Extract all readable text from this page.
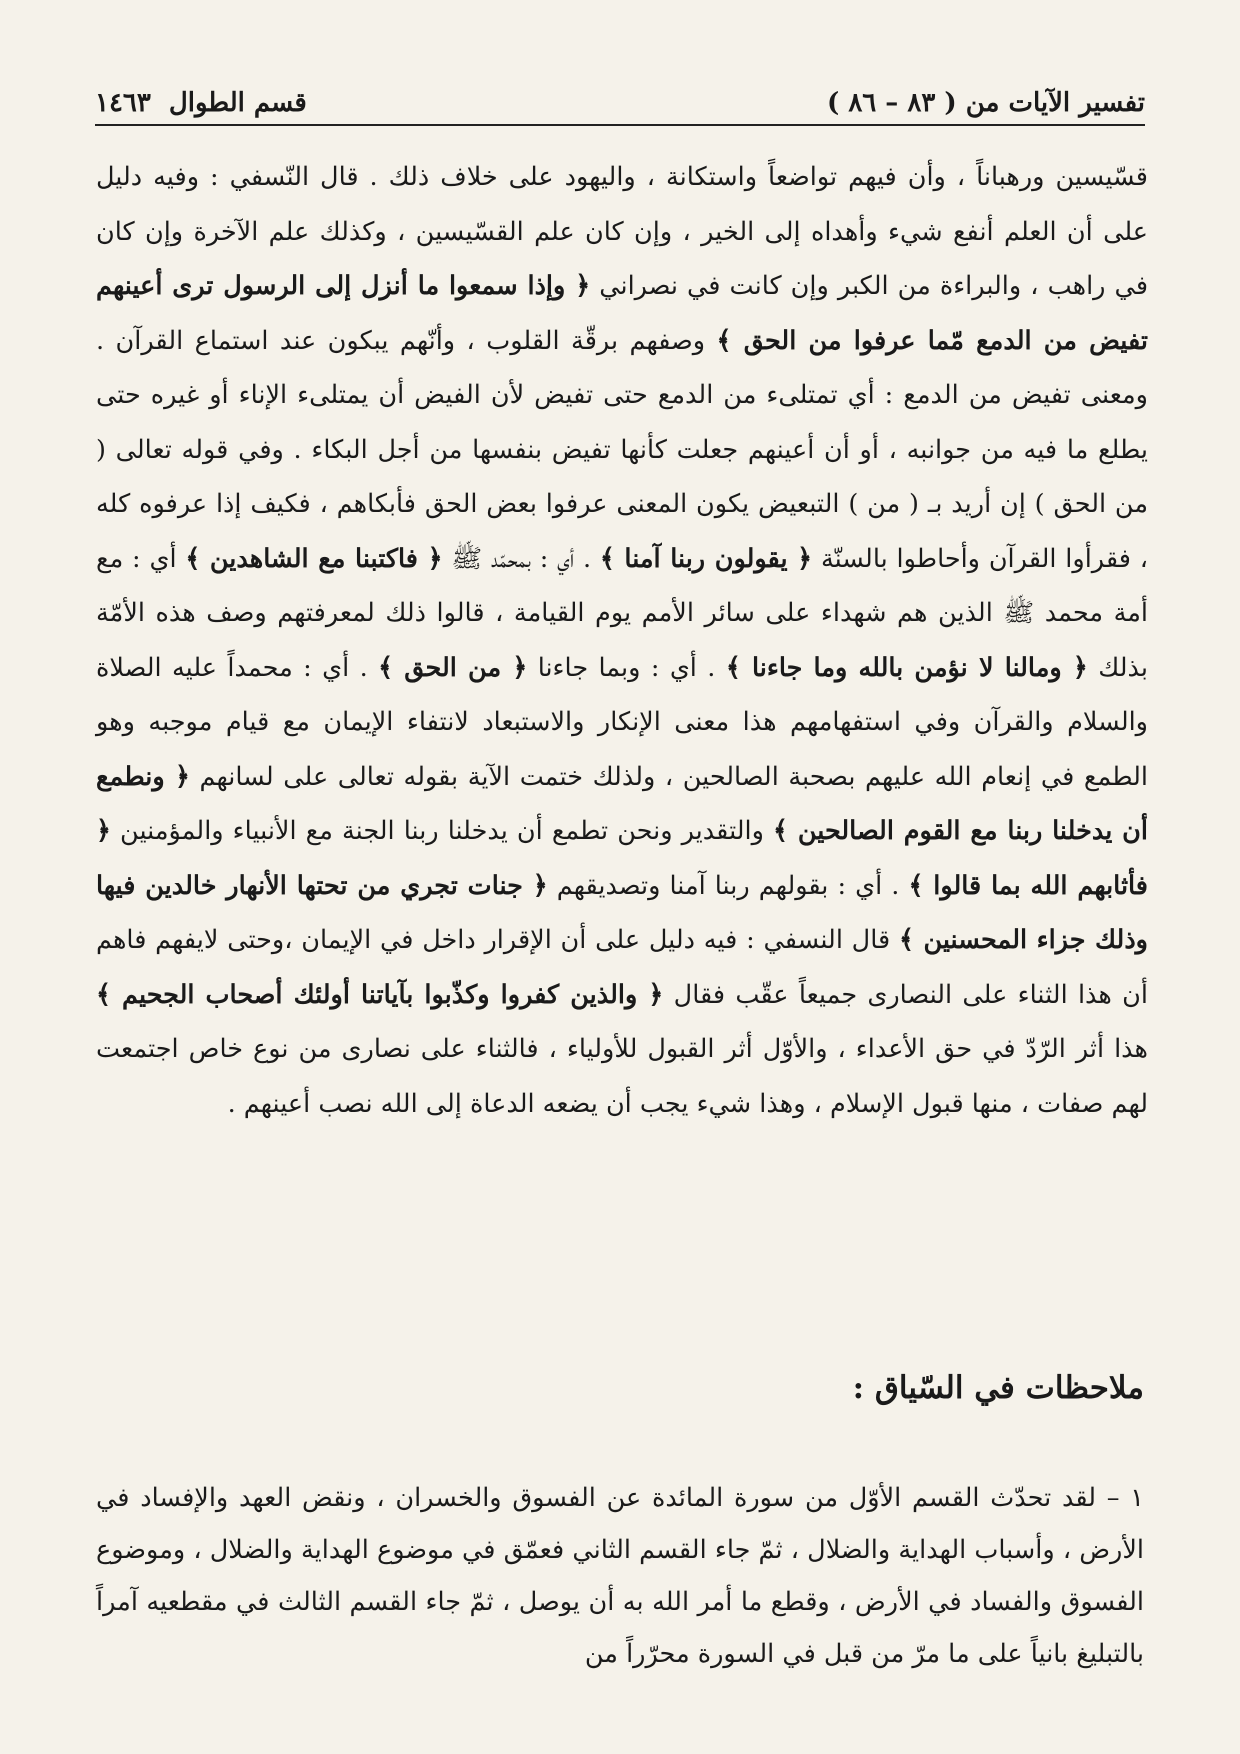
تفسير الآيات من ( ٨٣ – ٨٦ )
قسم الطوال
١٤٦٣

قسّيسين ورهباناً ، وأن فيهم تواضعاً واستكانة ، واليهود على خلاف ذلك . قال النّسفي : وفيه دليل على أن العلم أنفع شيء وأهداه إلى الخير ، وإن كان علم القسّيسين ، وكذلك علم الآخرة وإن كان في راهب ، والبراءة من الكبر وإن كانت في نصراني ﴿ وإذا سمعوا ما أنزل إلى الرسول ترى أعينهم تفيض من الدمع مّما عرفوا من الحق ﴾ وصفهم برقّة القلوب ، وأنّهم يبكون عند استماع القرآن . ومعنى تفيض من الدمع : أي تمتلىء من الدمع حتى تفيض لأن الفيض أن يمتلىء الإناء أو غيره حتى يطلع ما فيه من جوانبه ، أو أن أعينهم جعلت كأنها تفيض بنفسها من أجل البكاء . وفي قوله تعالى ( من الحق ) إن أريد بـ ( من ) التبعيض يكون المعنى عرفوا بعض الحق فأبكاهم ، فكيف إذا عرفوه كله ، فقرأوا القرآن وأحاطوا بالسنّة ﴿ يقولون ربنا آمنا ﴾ . أي : بمحمّد ﷺ ﴿ فاكتبنا مع الشاهدين ﴾ أي : مع أمة محمد ﷺ الذين هم شهداء على سائر الأمم يوم القيامة ، قالوا ذلك لمعرفتهم وصف هذه الأمّة بذلك ﴿ ومالنا لا نؤمن بالله وما جاءنا ﴾ . أي : وبما جاءنا ﴿ من الحق ﴾ . أي : محمداً عليه الصلاة والسلام والقرآن وفي استفهامهم هذا معنى الإنكار والاستبعاد لانتفاء الإيمان مع قيام موجبه وهو الطمع في إنعام الله عليهم بصحبة الصالحين ، ولذلك ختمت الآية بقوله تعالى على لسانهم ﴿ ونطمع أن يدخلنا ربنا مع القوم الصالحين ﴾ والتقدير ونحن تطمع أن يدخلنا ربنا الجنة مع الأنبياء والمؤمنين ﴿ فأثابهم الله بما قالوا ﴾ . أي : بقولهم ربنا آمنا وتصديقهم ﴿ جنات تجري من تحتها الأنهار خالدين فيها وذلك جزاء المحسنين ﴾ قال النسفي : فيه دليل على أن الإقرار داخل في الإيمان ،وحتى لايفهم فاهم أن هذا الثناء على النصارى جميعاً عقّب فقال ﴿ والذين كفروا وكذّبوا بآياتنا أولئك أصحاب الجحيم ﴾ هذا أثر الرّدّ في حق الأعداء ، والأوّل أثر القبول للأولياء ، فالثناء على نصارى من نوع خاص اجتمعت لهم صفات ، منها قبول الإسلام ، وهذا شيء يجب أن يضعه الدعاة إلى الله نصب أعينهم .

ملاحظات في السّياق :

١ – لقد تحدّث القسم الأوّل من سورة المائدة عن الفسوق والخسران ، ونقض العهد والإفساد في الأرض ، وأسباب الهداية والضلال ، ثمّ جاء القسم الثاني فعمّق في موضوع الهداية والضلال ، وموضوع الفسوق والفساد في الأرض ، وقطع ما أمر الله به أن يوصل ، ثمّ جاء القسم الثالث في مقطعيه آمراً بالتبليغ بانياً على ما مرّ من قبل في السورة محرّراً من
